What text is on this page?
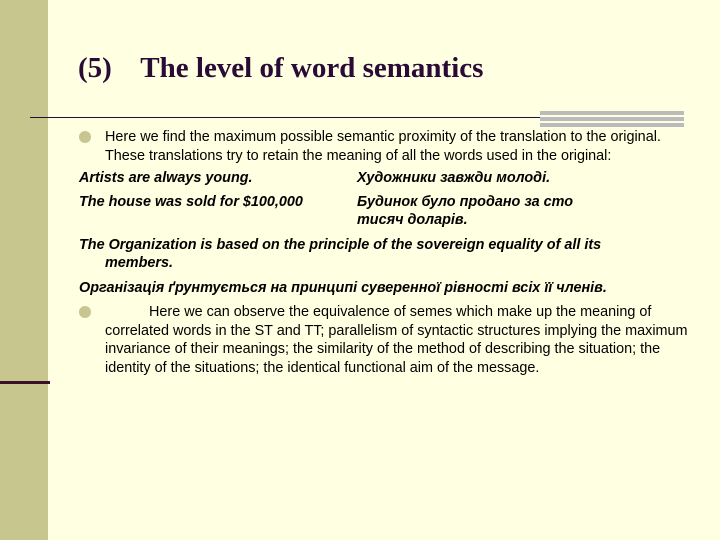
(5)    The level of word semantics

Here we find the maximum possible semantic proximity of the translation to the original. These translations try to retain the meaning of all the words used in the original:

Artists are always young.	Художники завжди молоді.
The house was sold for $100,000	Будинок було продано за сто
тисяч доларів.
The Organization is based on the principle of the sovereign equality of all its
members.
Організація ґрунтується на принципі суверенної рівності всіх її членів.

Here we can observe the equivalence of semes which make up the meaning of correlated words in the ST and TT; parallelism of syntactic structures implying the maximum invariance of their meanings; the similarity of the method of describing the situation; the identity of the situations; the identical functional aim of the message.
